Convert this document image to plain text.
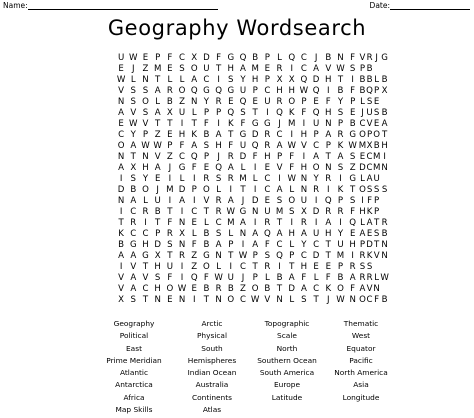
Name:	Date:
Geography Wordsearch
U W E P F C X D F G Q B P L Q C J B N F V R J G
E J Z M E S O U T H A M E R I C A V W S P B
W L N T L L A C I S Y H P X X Q D H T I B B L B
V S S A R O Q G Q G U P C H H W Q I B F B Q P X
N S O L B Z N Y R E Q E U R O P E F Y P L S E
A V S A X U L P P Q S T I Q K F Q H S E J U S B
E W V T T I T F I K F G G J M I U N P B C V E A
C Y P Z E H K B A T G D R C I H P A R G O P O T
O A W W P F A S H F U Q R A W V C P K W M X B H
N T N V Z C Q P J R D F H P F I A T A S E C M I
A X H A J G F E Q A L I E V F H O N S Z D C M N
I S Y E I L I R S R M L C I W N Y R I G L A U
D B O J M D P O L I T I C A L N R I K T O S S S
N A L U I A I V R A J D E S O U I Q P S I F P
I C R B T I C T R W G N U M S X D R R F H K P
T R I T F N E L C M A I R T I R I A I Q L A T R
K C C P R X L B S L N A Q A H A U H Y E A E S B
B G H D S N F B A P I A F C L Y C T U H P D T N
A A G X T R Z G N T W P S Q P C D T M I R K V N
I V T H U I Z O L I C T R I T H E E P R S S
V A V S F I Q F W U J P L B A F L F B A R R L W
V A C H O W E B R B Z O B T D A C K O F A V N
X S T N E N I T N O C W V N L S T J W N O C F B
Geography	Arctic	Topographic	Thematic
Political	Physical	Scale	West
East	South	North	Equator
Prime Meridian	Hemispheres	Southern Ocean	Pacific
Atlantic	Indian Ocean	South America	North America
Antarctica	Australia	Europe	Asia
Africa	Continents	Latitude	Longitude
Map Skills	Atlas
